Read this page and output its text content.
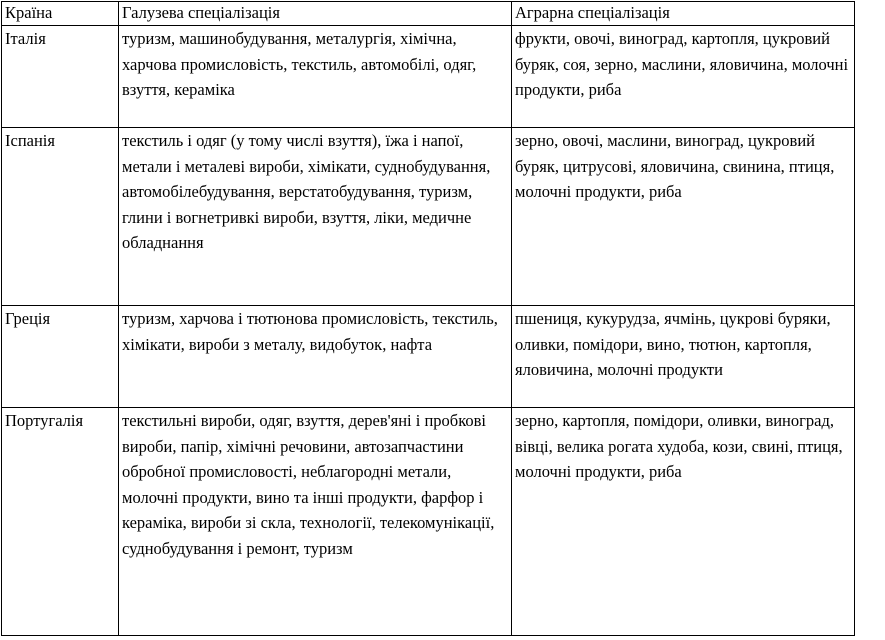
Країна	Галузева спеціалізація	Аграрна спеціалізація
Італія	туризм, машинобудування, металургія, хімічна, харчова промисловість, текстиль, автомобілі, одяг, взуття, кераміка	фрукти, овочі, виноград, картопля, цукровий буряк, соя, зерно, маслини, яловичина, молочні продукти, риба
Іспанія	текстиль і одяг (у тому числі взуття), їжа і напої, метали і металеві вироби, хімікати, суднобудування, автомобілебудування, верстатобудування, туризм, глини і вогнетривкі вироби, взуття, ліки, медичне обладнання	зерно, овочі, маслини, виноград, цукровий буряк, цитрусові, яловичина, свинина, птиця, молочні продукти, риба
Греція	туризм, харчова і тютюнова промисловість, текстиль, хімікати, вироби з металу, видобуток, нафта	пшениця, кукурудза, ячмінь, цукрові буряки, оливки, помідори, вино, тютюн, картопля, яловичина, молочні продукти
Португалія	текстильні вироби, одяг, взуття, дерев'яні і пробкові вироби, папір, хімічні речовини, автозапчастини обробної промисловості, неблагородні метали, молочні продукти, вино та інші продукти, фарфор і кераміка, вироби зі скла, технології, телекомунікації, суднобудування і ремонт, туризм	зерно, картопля, помідори, оливки, виноград, вівці, велика рогата худоба, кози, свині, птиця, молочні продукти, риба
